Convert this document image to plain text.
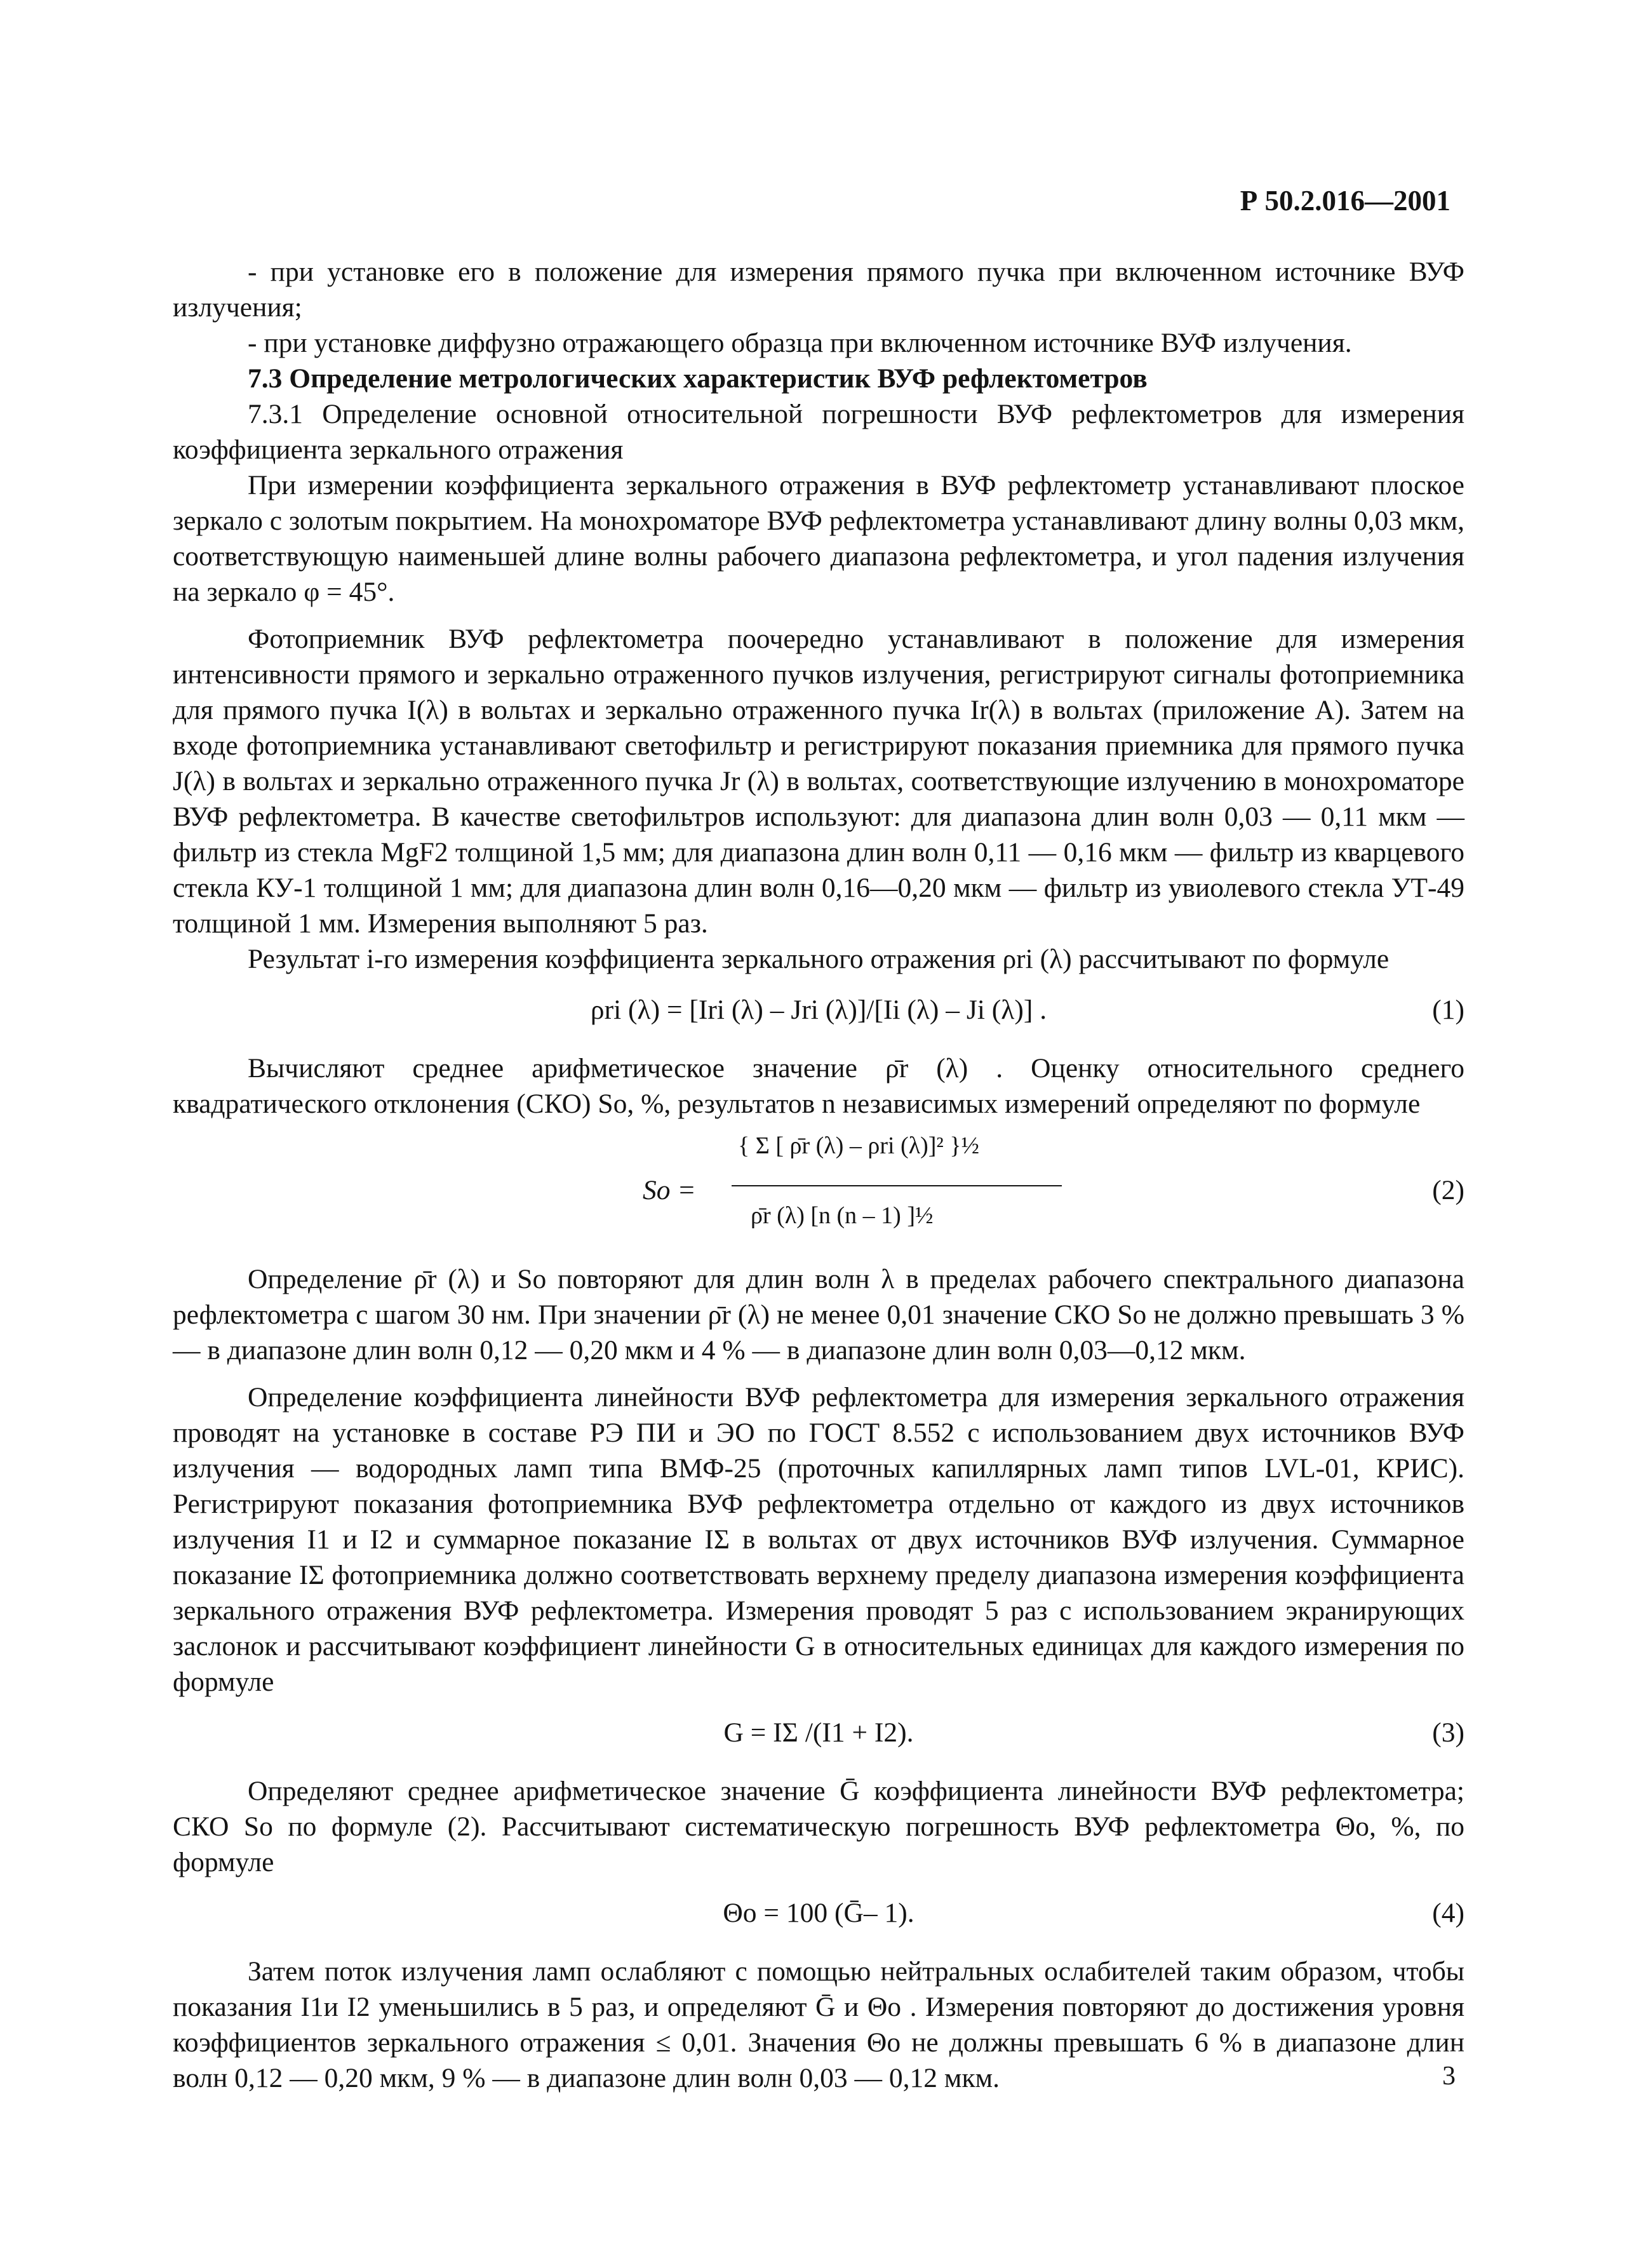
Р 50.2.016—2001

- при установке его в положение для измерения прямого пучка при включенном источнике ВУФ излучения;

- при установке диффузно отражающего образца при включенном источнике ВУФ излучения.

7.3 Определение метрологических характеристик ВУФ рефлектометров

7.3.1 Определение основной относительной погрешности ВУФ рефлектометров для измерения коэффициента зеркального отражения

При измерении коэффициента зеркального отражения в ВУФ рефлектометр устанавливают плоское зеркало с золотым покрытием. На монохроматоре ВУФ рефлектометра устанавливают длину волны 0,03 мкм, соответствующую наименьшей длине волны рабочего диапазона рефлектометра, и угол падения излучения на зеркало φ = 45°.

Фотоприемник ВУФ рефлектометра поочередно устанавливают в положение для измерения интенсивности прямого и зеркально отраженного пучков излучения, регистрируют сигналы фотоприемника для прямого пучка I(λ) в вольтах и зеркально отраженного пучка Ir(λ) в вольтах (приложение А). Затем на входе фотоприемника устанавливают светофильтр и регистрируют показания приемника для прямого пучка J(λ) в вольтах и зеркально отраженного пучка Jr (λ) в вольтах, соответствующие излучению в монохроматоре ВУФ рефлектометра. В качестве светофильтров используют: для диапазона длин волн 0,03 — 0,11 мкм — фильтр из стекла MgF2 толщиной 1,5 мм; для диапазона длин волн 0,11 — 0,16 мкм — фильтр из кварцевого стекла КУ-1 толщиной 1 мм; для диапазона длин волн 0,16—0,20 мкм — фильтр из увиолевого стекла УТ-49 толщиной 1 мм. Измерения выполняют 5 раз.

Результат i-го измерения коэффициента зеркального отражения ρri (λ) рассчитывают по формуле

ρri (λ) = [Iri (λ) – Jri (λ)]/[Ii (λ) – Ji (λ)] .	(1)

Вычисляют среднее арифметическое значение ρ̄r (λ) . Оценку относительного среднего квадратического отклонения (СКО) So, %, результатов n независимых измерений определяют по формуле

So =
{ Σ [ ρ̄r (λ) – ρri (λ)]² }½
ρ̄r (λ) [n (n – 1) ]½
(2)

Определение ρ̄r (λ) и So повторяют для длин волн λ в пределах рабочего спектрального диапазона рефлектометра с шагом 30 нм. При значении ρ̄r (λ) не менее 0,01 значение СКО So не должно превышать 3 % — в диапазоне длин волн 0,12 — 0,20 мкм и 4 % — в диапазоне длин волн 0,03—0,12 мкм.

Определение коэффициента линейности ВУФ рефлектометра для измерения зеркального отражения проводят на установке в составе РЭ ПИ и ЭО по ГОСТ 8.552 с использованием двух источников ВУФ излучения — водородных ламп типа ВМФ-25 (проточных капиллярных ламп типов LVL-01, КРИС). Регистрируют показания фотоприемника ВУФ рефлектометра отдельно от каждого из двух источников излучения I1 и I2 и суммарное показание IΣ в вольтах от двух источников ВУФ излучения. Суммарное показание IΣ фотоприемника должно соответствовать верхнему пределу диапазона измерения коэффициента зеркального отражения ВУФ рефлектометра. Измерения проводят 5 раз с использованием экранирующих заслонок и рассчитывают коэффициент линейности G в относительных единицах для каждого измерения по формуле

G = IΣ /(I1 + I2).	(3)

Определяют среднее арифметическое значение Ḡ коэффициента линейности ВУФ рефлектометра; СКО So по формуле (2). Рассчитывают систематическую погрешность ВУФ рефлектометра Θo, %, по формуле

Θo = 100 (Ḡ– 1).	(4)

Затем поток излучения ламп ослабляют с помощью нейтральных ослабителей таким образом, чтобы показания I1и I2 уменьшились в 5 раз, и определяют Ḡ и Θo . Измерения повторяют до достижения уровня коэффициентов зеркального отражения ≤ 0,01. Значения Θo не должны превышать 6 % в диапазоне длин волн 0,12 — 0,20 мкм, 9 % — в диапазоне длин волн 0,03 — 0,12 мкм.	3
